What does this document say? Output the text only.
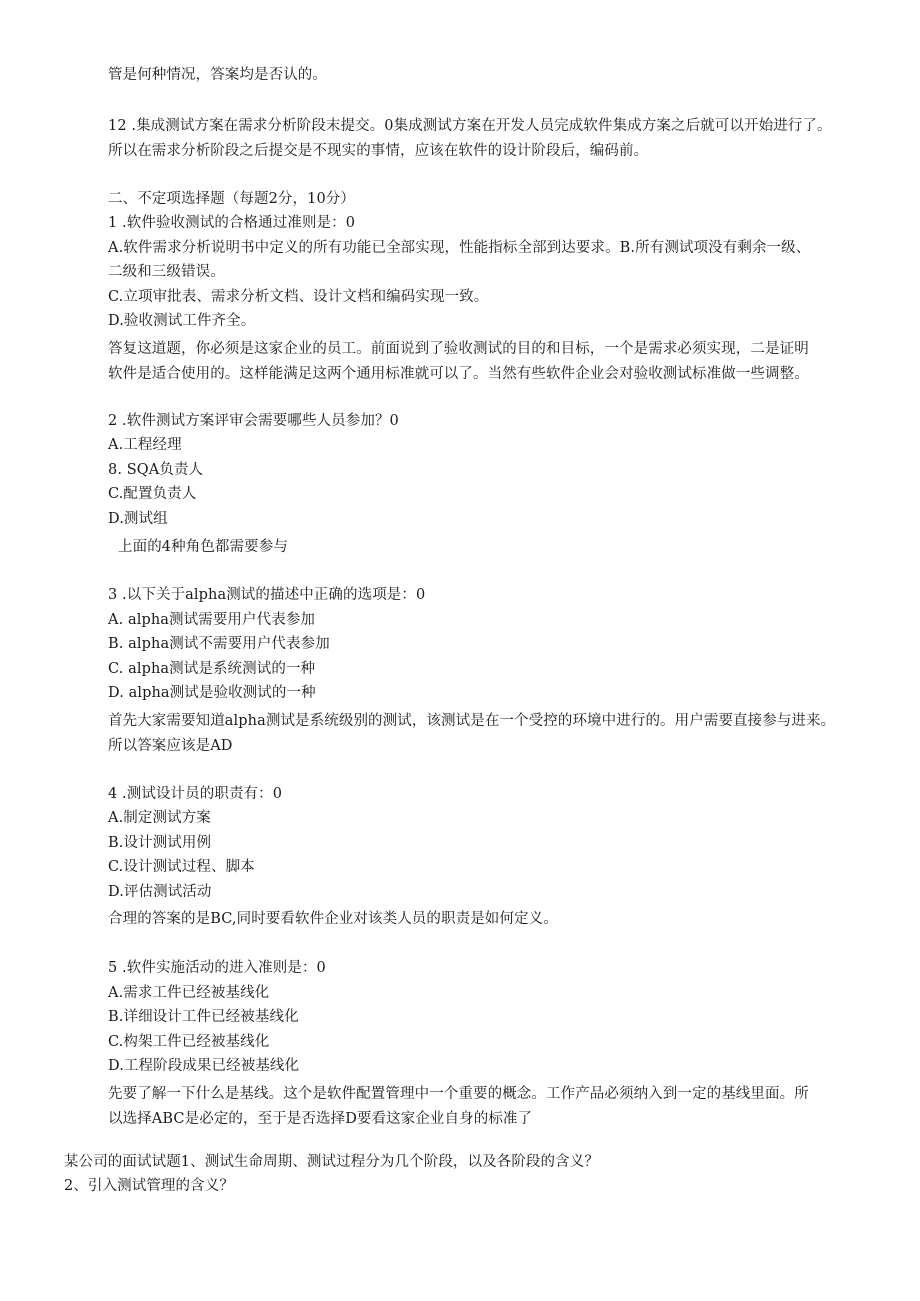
管是何种情况，答案均是否认的。
12 .集成测试方案在需求分析阶段末提交。0集成测试方案在开发人员完成软件集成方案之后就可以开始进行了。
所以在需求分析阶段之后提交是不现实的事情，应该在软件的设计阶段后，编码前。
二、不定项选择题（每题2分，10分）
1 .软件验收测试的合格通过准则是：0
A.软件需求分析说明书中定义的所有功能已全部实现，性能指标全部到达要求。B.所有测试项没有剩余一级、
二级和三级错误。
C.立项审批表、需求分析文档、设计文档和编码实现一致。
D.验收测试工件齐全。
答复这道题，你必须是这家企业的员工。前面说到了验收测试的目的和目标，一个是需求必须实现，二是证明
软件是适合使用的。这样能满足这两个通用标准就可以了。当然有些软件企业会对验收测试标准做一些调整。
2 .软件测试方案评审会需要哪些人员参加？0
A.工程经理
8. SQA负责人
C.配置负责人
D.测试组
上面的4种角色都需要参与
3 .以下关于alpha测试的描述中正确的选项是：0
A. alpha测试需要用户代表参加
B. alpha测试不需要用户代表参加
C. alpha测试是系统测试的一种
D. alpha测试是验收测试的一种
首先大家需要知道alpha测试是系统级别的测试，该测试是在一个受控的环境中进行的。用户需要直接参与进来。
所以答案应该是AD
4 .测试设计员的职责有：0
A.制定测试方案
B.设计测试用例
C.设计测试过程、脚本
D.评估测试活动
合理的答案的是BC,同时要看软件企业对该类人员的职责是如何定义。
5 .软件实施活动的进入准则是：0
A.需求工件已经被基线化
B.详细设计工件已经被基线化
C.构架工件已经被基线化
D.工程阶段成果已经被基线化
先要了解一下什么是基线。这个是软件配置管理中一个重要的概念。工作产品必须纳入到一定的基线里面。所
以选择ABC是必定的，至于是否选择D要看这家企业自身的标准了
某公司的面试试题1、测试生命周期、测试过程分为几个阶段，以及各阶段的含义？
2、引入测试管理的含义？
